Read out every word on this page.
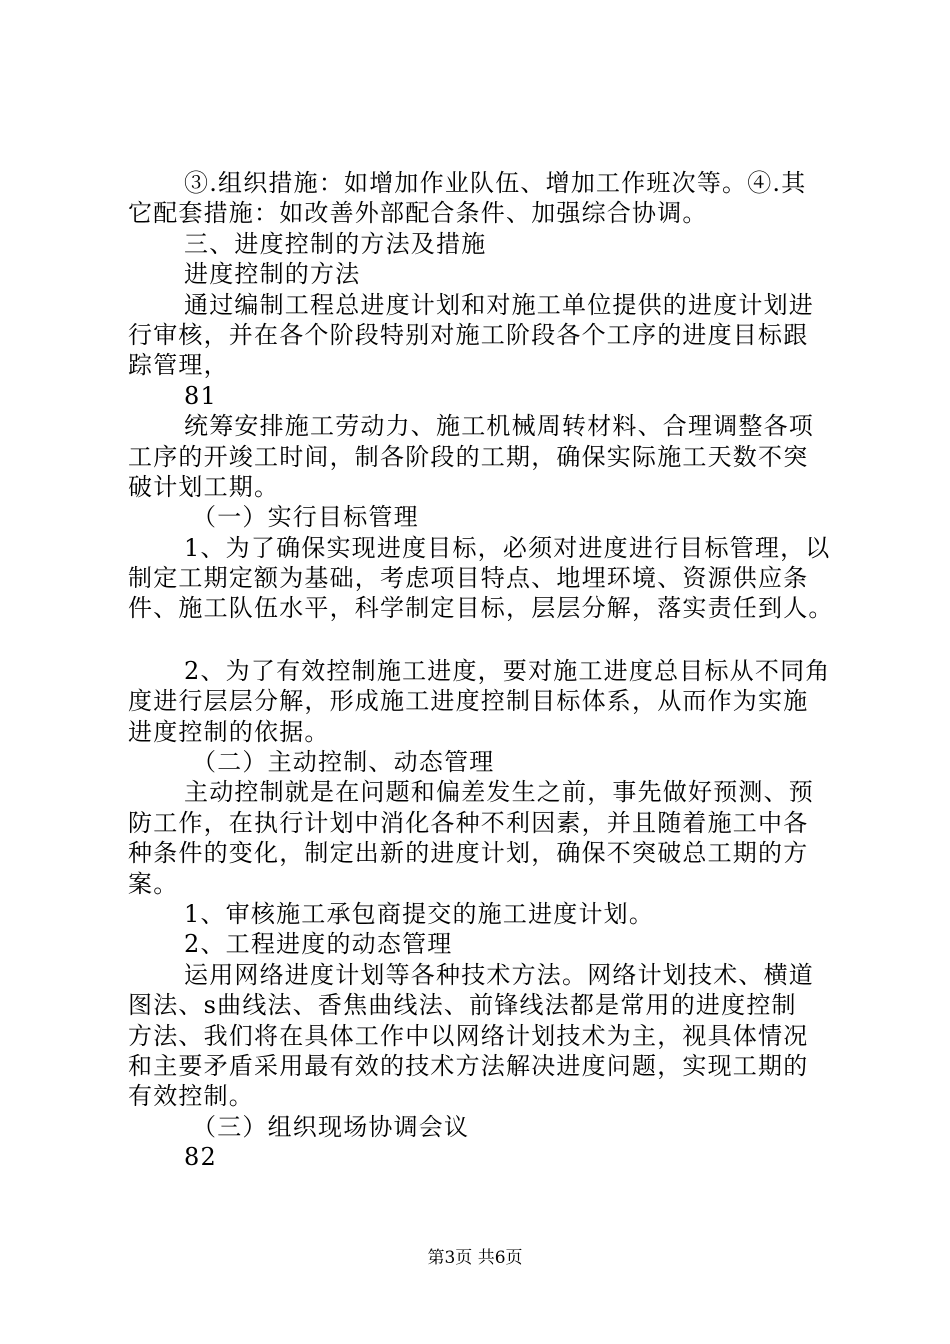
③.组织措施：如增加作业队伍、增加工作班次等。④.其
它配套措施：如改善外部配合条件、加强综合协调。
三、进度控制的方法及措施
进度控制的方法
通过编制工程总进度计划和对施工单位提供的进度计划进
行审核，并在各个阶段特别对施工阶段各个工序的进度目标跟
踪管理，
81
统筹安排施工劳动力、施工机械周转材料、合理调整各项
工序的开竣工时间，制各阶段的工期，确保实际施工天数不突
破计划工期。
（一）实行目标管理
1、为了确保实现进度目标，必须对进度进行目标管理，以
制定工期定额为基础，考虑项目特点、地埋环境、资源供应条
件、施工队伍水平，科学制定目标，层层分解，落实责任到人。
2、为了有效控制施工进度，要对施工进度总目标从不同角
度进行层层分解，形成施工进度控制目标体系，从而作为实施
进度控制的依据。
（二）主动控制、动态管理
主动控制就是在问题和偏差发生之前，事先做好预测、预
防工作，在执行计划中消化各种不利因素，并且随着施工中各
种条件的变化，制定出新的进度计划，确保不突破总工期的方
案。
1、审核施工承包商提交的施工进度计划。
2、工程进度的动态管理
运用网络进度计划等各种技术方法。网络计划技术、横道
图法、s曲线法、香焦曲线法、前锋线法都是常用的进度控制
方法、我们将在具体工作中以网络计划技术为主，视具体情况
和主要矛盾采用最有效的技术方法解决进度问题，实现工期的
有效控制。
（三）组织现场协调会议
82
第3页 共6页
